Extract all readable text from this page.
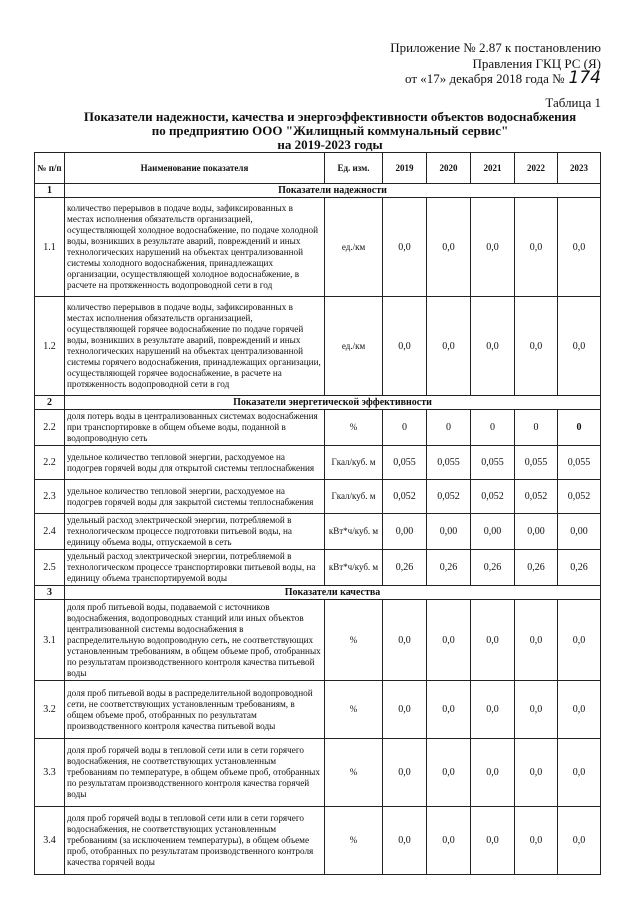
Приложение № 2.87 к постановлению
Правления ГКЦ РС (Я)
от «17» декабря 2018 года № 174
Таблица 1
Показатели надежности, качества и энергоэффективности объектов водоснабжения
по предприятию ООО "Жилищный коммунальный сервис"
на 2019-2023 годы
№ п/п	Наименование показателя	Ед. изм.	2019	2020	2021	2022	2023
1	Показатели надежности						
1.1	количество перерывов в подаче воды, зафиксированных в местах исполнения обязательств организацией, осуществляющей холодное водоснабжение, по подаче холодной воды, возникших в результате аварий, повреждений и иных технологических нарушений на объектах централизованной системы холодного водоснабжения, принадлежащих организации, осуществляющей холодное водоснабжение, в расчете на протяженность водопроводной сети в год	ед./км	0,0	0,0	0,0	0,0	0,0
1.2	количество перерывов в подаче воды, зафиксированных в местах исполнения обязательств организацией, осуществляющей горячее водоснабжение по подаче горячей воды, возникших в результате аварий, повреждений и иных технологических нарушений на объектах централизованной системы горячего водоснабжения, принадлежащих организации, осуществляющей горячее водоснабжение, в расчете на протяженность водопроводной сети в год	ед./км	0,0	0,0	0,0	0,0	0,0
2	Показатели энергетической эффективности						
2.2	доля потерь воды в централизованных системах водоснабжения при транспортировке в общем объеме воды, поданной в водопроводную сеть	%	0	0	0	0	0
2.2	удельное количество тепловой энергии, расходуемое на подогрев горячей воды для открытой системы теплоснабжения	Гкал/куб. м	0,055	0,055	0,055	0,055	0,055
2.3	удельное количество тепловой энергии, расходуемое на подогрев горячей воды для закрытой системы теплоснабжения	Гкал/куб. м	0,052	0,052	0,052	0,052	0,052
2.4	удельный расход электрической энергии, потребляемой в технологическом процессе подготовки питьевой воды, на единицу объема воды, отпускаемой в сеть	кВт*ч/куб. м	0,00	0,00	0,00	0,00	0,00
2.5	удельный расход электрической энергии, потребляемой в технологическом процессе транспортировки питьевой воды, на единицу объема транспортируемой воды	кВт*ч/куб. м	0,26	0,26	0,26	0,26	0,26
3	Показатели качества						
3.1	доля проб питьевой воды, подаваемой с источников водоснабжения, водопроводных станций или иных объектов централизованной системы водоснабжения в распределительную водопроводную сеть, не соответствующих установленным требованиям, в общем объеме проб, отобранных по результатам производственного контроля качества питьевой воды	%	0,0	0,0	0,0	0,0	0,0
3.2	доля проб питьевой воды в распределительной водопроводной сети, не соответствующих установленным требованиям, в общем объеме проб, отобранных по результатам производственного контроля качества питьевой воды	%	0,0	0,0	0,0	0,0	0,0
3.3	доля проб горячей воды в тепловой сети или в сети горячего водоснабжения, не соответствующих установленным требованиям по температуре, в общем объеме проб, отобранных по результатам производственного контроля качества горячей воды	%	0,0	0,0	0,0	0,0	0,0
3.4	доля проб горячей воды в тепловой сети или в сети горячего водоснабжения, не соответствующих установленным требованиям (за исключением температуры), в общем объеме проб, отобранных по результатам производственного контроля качества горячей воды	%	0,0	0,0	0,0	0,0	0,0
